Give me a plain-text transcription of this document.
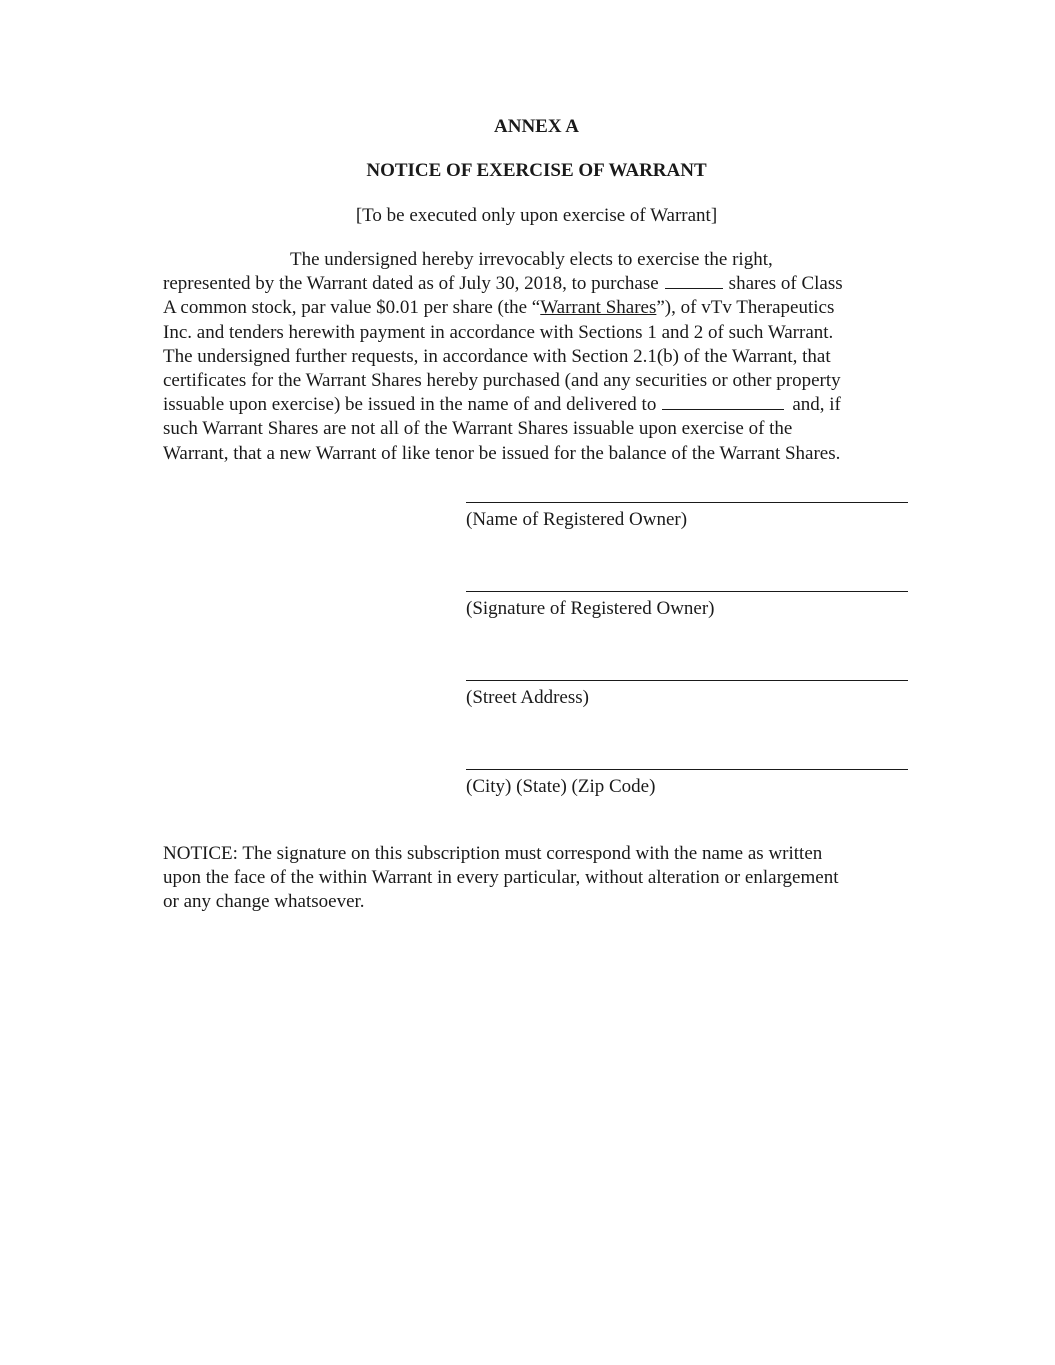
ANNEX A
NOTICE OF EXERCISE OF WARRANT

[To be executed only upon exercise of Warrant]

The undersigned hereby irrevocably elects to exercise the right,
represented by the Warrant dated as of July 30, 2018, to purchase	shares of Class
A common stock, par value $0.01 per share (the “Warrant Shares”), of vTv Therapeutics
Inc. and tenders herewith payment in accordance with Sections 1 and 2 of such Warrant.
The undersigned further requests, in accordance with Section 2.1(b) of the Warrant, that
certificates for the Warrant Shares hereby purchased (and any securities or other property
issuable upon exercise) be issued in the name of and delivered to	and, if
such Warrant Shares are not all of the Warrant Shares issuable upon exercise of the
Warrant, that a new Warrant of like tenor be issued for the balance of the Warrant Shares.

(Name of Registered Owner)
(Signature of Registered Owner)
(Street Address)
(City) (State) (Zip Code)

NOTICE: The signature on this subscription must correspond with the name as written
upon the face of the within Warrant in every particular, without alteration or enlargement
or any change whatsoever.
